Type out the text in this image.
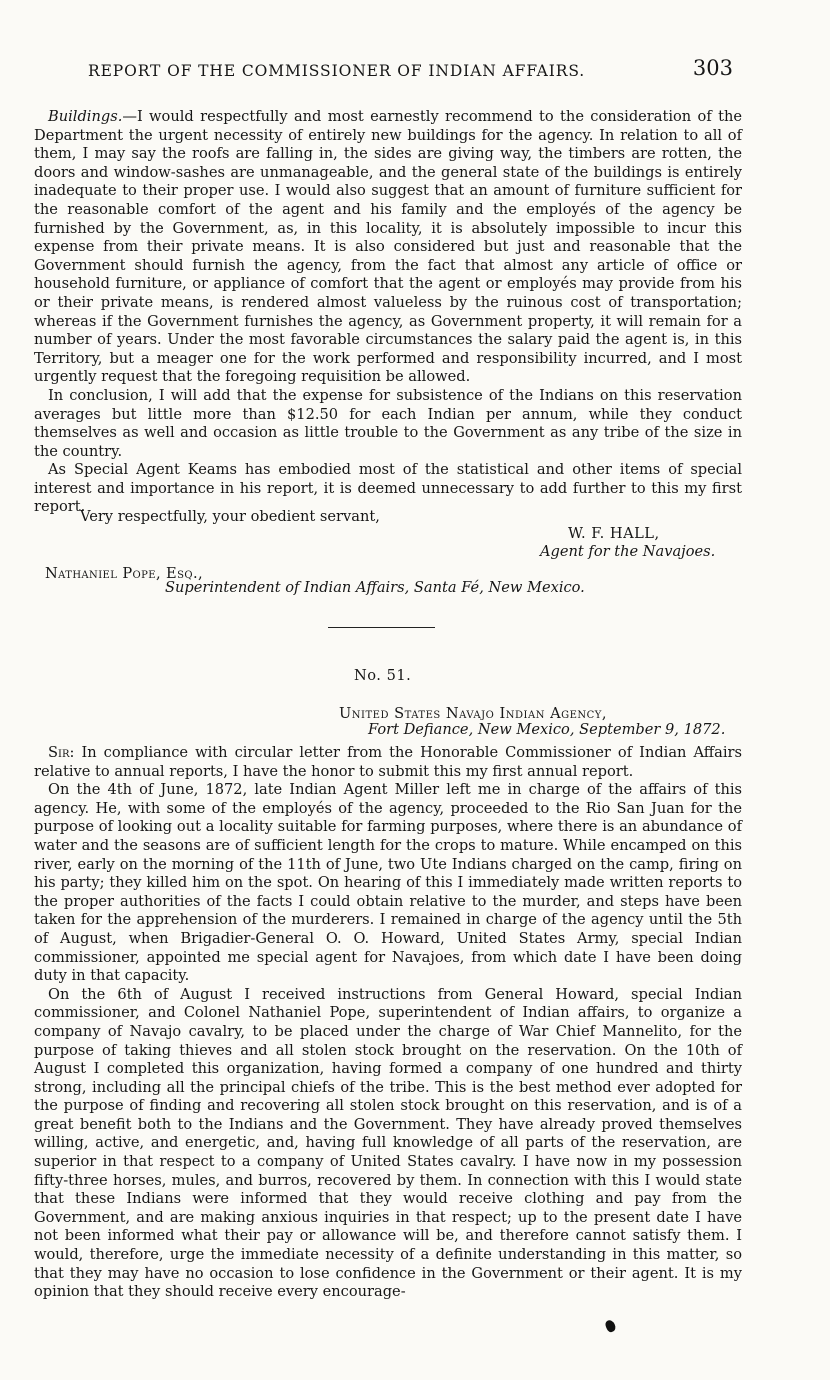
REPORT OF THE COMMISSIONER OF INDIAN AFFAIRS.	303

Buildings.—I would respectfully and most earnestly recommend to the consideration of the Department the urgent necessity of entirely new buildings for the agency. In relation to all of them, I may say the roofs are falling in, the sides are giving way, the timbers are rotten, the doors and window-sashes are unmanageable, and the general state of the buildings is entirely inadequate to their proper use. I would also suggest that an amount of furniture sufficient for the reasonable comfort of the agent and his family and the employés of the agency be furnished by the Government, as, in this locality, it is absolutely impossible to incur this expense from their private means. It is also considered but just and reasonable that the Government should furnish the agency, from the fact that almost any article of office or household furniture, or appliance of comfort that the agent or employés may provide from his or their private means, is rendered almost valueless by the ruinous cost of transportation; whereas if the Government furnishes the agency, as Government property, it will remain for a number of years. Under the most favorable circumstances the salary paid the agent is, in this Territory, but a meager one for the work performed and responsibility incurred, and I most urgently request that the foregoing requisition be allowed.

In conclusion, I will add that the expense for subsistence of the Indians on this reservation averages but little more than $12.50 for each Indian per annum, while they conduct themselves as well and occasion as little trouble to the Government as any tribe of the size in the country.

As Special Agent Keams has embodied most of the statistical and other items of special interest and importance in his report, it is deemed unnecessary to add further to this my first report.

Very respectfully, your obedient servant,
W. F. HALL,
Agent for the Navajoes.
Nathaniel Pope, Esq.,
Superintendent of Indian Affairs, Santa Fé, New Mexico.
No. 51.
United States Navajo Indian Agency,
Fort Defiance, New Mexico, September 9, 1872.

Sir: In compliance with circular letter from the Honorable Commissioner of Indian Affairs relative to annual reports, I have the honor to submit this my first annual report.

On the 4th of June, 1872, late Indian Agent Miller left me in charge of the affairs of this agency. He, with some of the employés of the agency, proceeded to the Rio San Juan for the purpose of looking out a locality suitable for farming purposes, where there is an abundance of water and the seasons are of sufficient length for the crops to mature. While encamped on this river, early on the morning of the 11th of June, two Ute Indians charged on the camp, firing on his party; they killed him on the spot. On hearing of this I immediately made written reports to the proper authorities of the facts I could obtain relative to the murder, and steps have been taken for the apprehension of the murderers. I remained in charge of the agency until the 5th of August, when Brigadier-General O. O. Howard, United States Army, special Indian commissioner, appointed me special agent for Navajoes, from which date I have been doing duty in that capacity.

On the 6th of August I received instructions from General Howard, special Indian commissioner, and Colonel Nathaniel Pope, superintendent of Indian affairs, to organize a company of Navajo cavalry, to be placed under the charge of War Chief Mannelito, for the purpose of taking thieves and all stolen stock brought on the reservation. On the 10th of August I completed this organization, having formed a company of one hundred and thirty strong, including all the principal chiefs of the tribe. This is the best method ever adopted for the purpose of finding and recovering all stolen stock brought on this reservation, and is of a great benefit both to the Indians and the Government. They have already proved themselves willing, active, and energetic, and, having full knowledge of all parts of the reservation, are superior in that respect to a company of United States cavalry. I have now in my possession fifty-three horses, mules, and burros, recovered by them. In connection with this I would state that these Indians were informed that they would receive clothing and pay from the Government, and are making anxious inquiries in that respect; up to the present date I have not been informed what their pay or allowance will be, and therefore cannot satisfy them. I would, therefore, urge the immediate necessity of a definite understanding in this matter, so that they may have no occasion to lose confidence in the Government or their agent. It is my opinion that they should receive every encourage-
